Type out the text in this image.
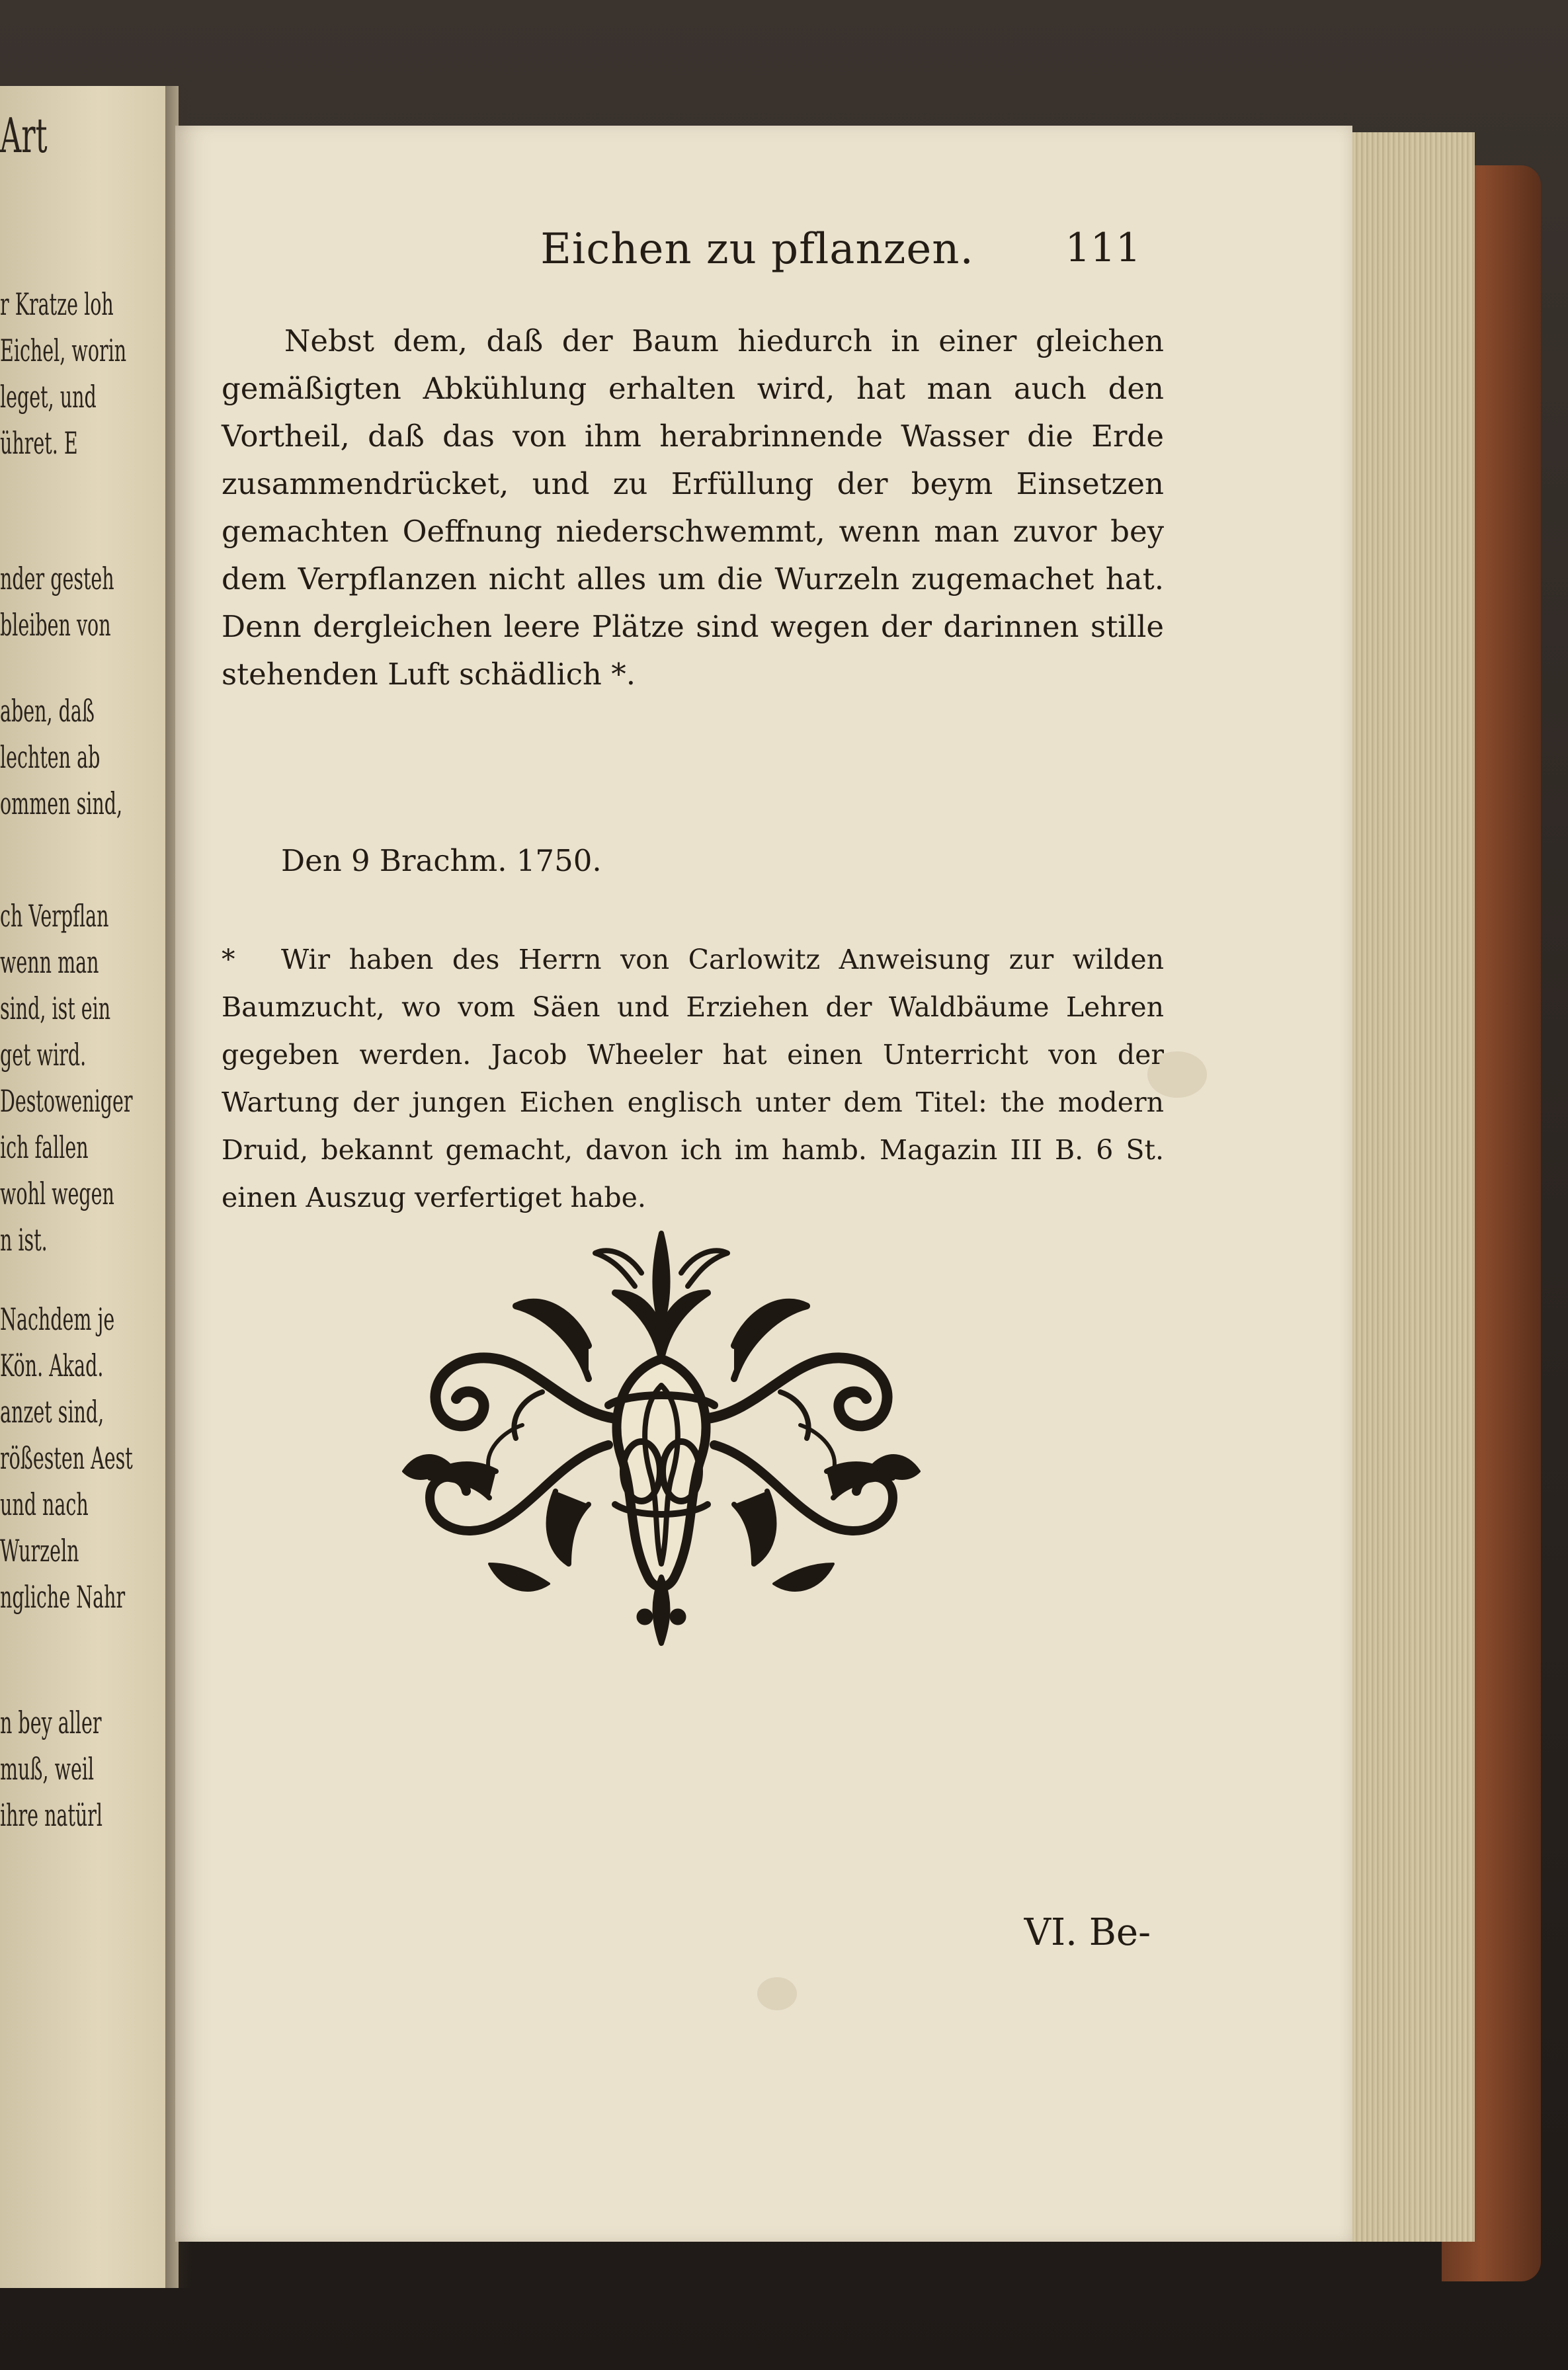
Art
r Kratze loh
Eichel, worin
leget, und
ühret. E
nder gesteh
bleiben von
aben, daß
lechten ab
ommen sind,
ch Verpflan
wenn man
sind, ist ein
get wird.
Destoweniger
ich fallen
wohl wegen
n ist.
Nachdem je
Kön. Akad.
anzet sind,
rößesten Aest
und nach
Wurzeln
ngliche Nahr
n bey aller
muß, weil
ihre natürl
Eichen zu pflanzen.	111
Nebst dem, daß der Baum hiedurch in einer gleichen gemäßigten Abkühlung erhalten wird, hat man auch den Vortheil, daß das von ihm herabrinnende Wasser die Erde zusammendrücket, und zu Erfüllung der beym Einsetzen gemachten Oeffnung niederschwemmt, wenn man zuvor bey dem Verpflanzen nicht alles um die Wurzeln zugemachet hat. Denn dergleichen leere Plätze sind wegen der darinnen stille stehenden Luft schädlich *.
Den 9 Brachm. 1750.
* Wir haben des Herrn von Carlowitz Anweisung zur wilden Baumzucht, wo vom Säen und Erziehen der Waldbäume Lehren gegeben werden. Jacob Wheeler hat einen Unterricht von der Wartung der jungen Eichen englisch unter dem Titel: the modern Druid, bekannt gemacht, davon ich im hamb. Magazin III B. 6 St. einen Auszug verfertiget habe.
VI. Be-
